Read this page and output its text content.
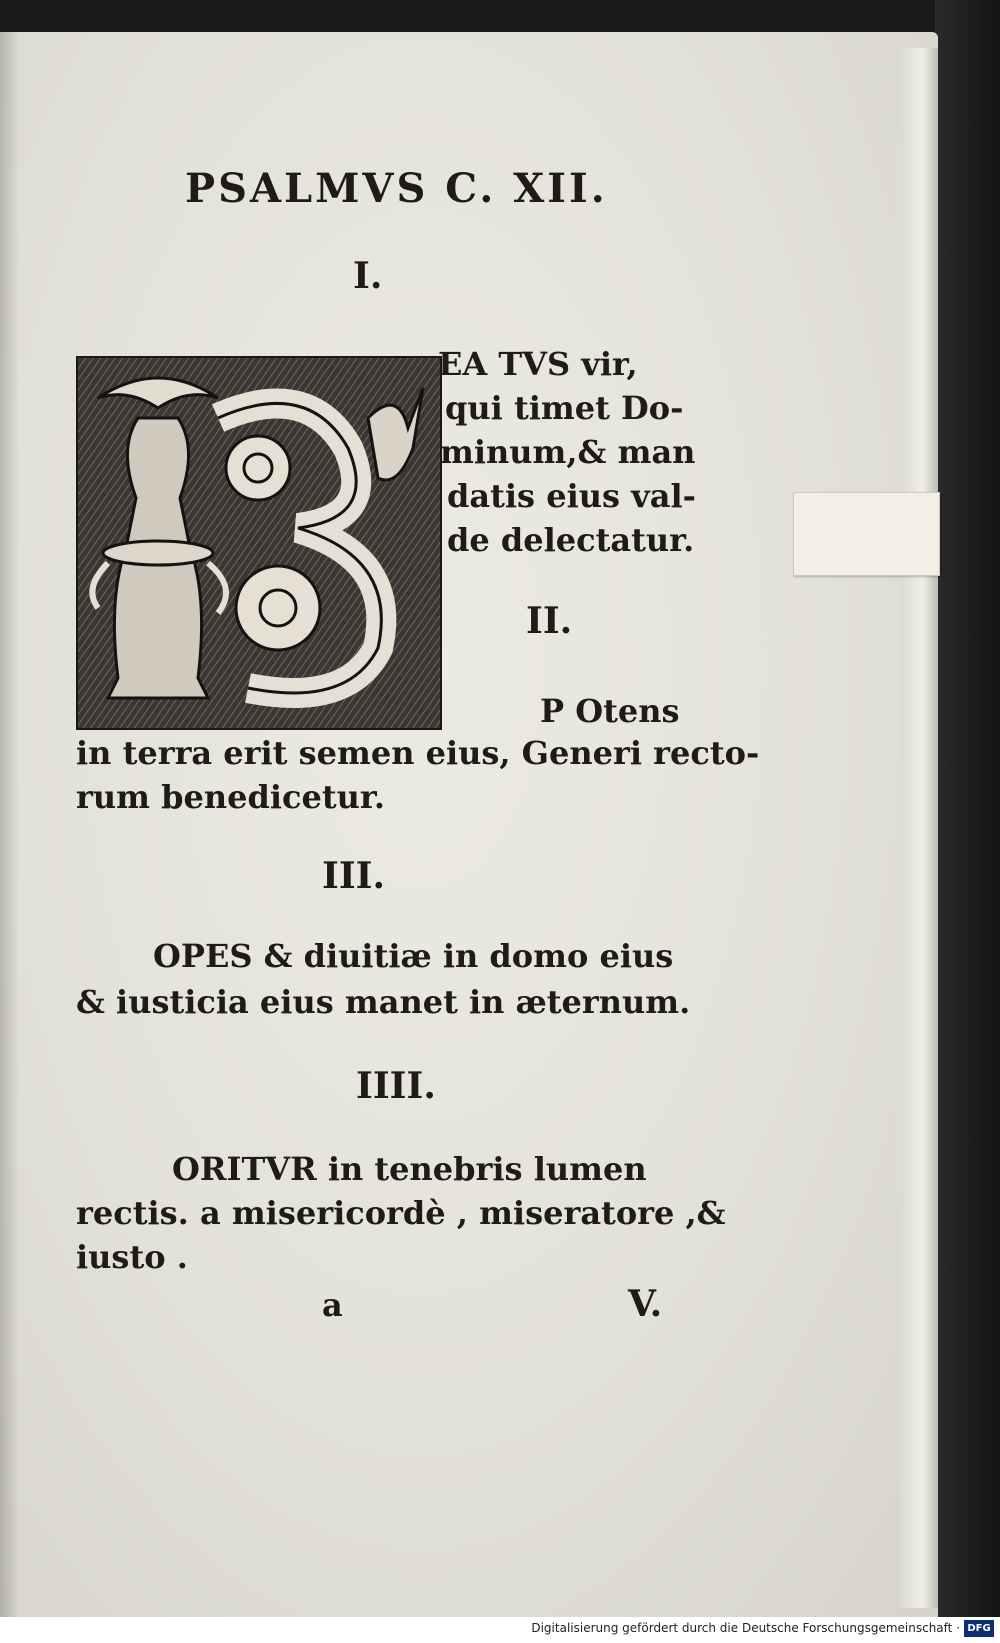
PSALMVS C. XII.
I.
EA TVS vir,
qui timet Do-
minum,& man
datis eius val-
de delectatur.
II.
P Otens
in terra erit semen eius, Generi recto-
rum benedicetur.
III.
OPES & diuitiæ in domo eius
& iusticia eius manet in æternum.
IIII.
ORITVR in tenebris lumen
rectis. a misericordè , miseratore ,&
iusto .
a	V.
Digitalisierung gefördert durch die Deutsche Forschungsgemeinschaft · DFG
